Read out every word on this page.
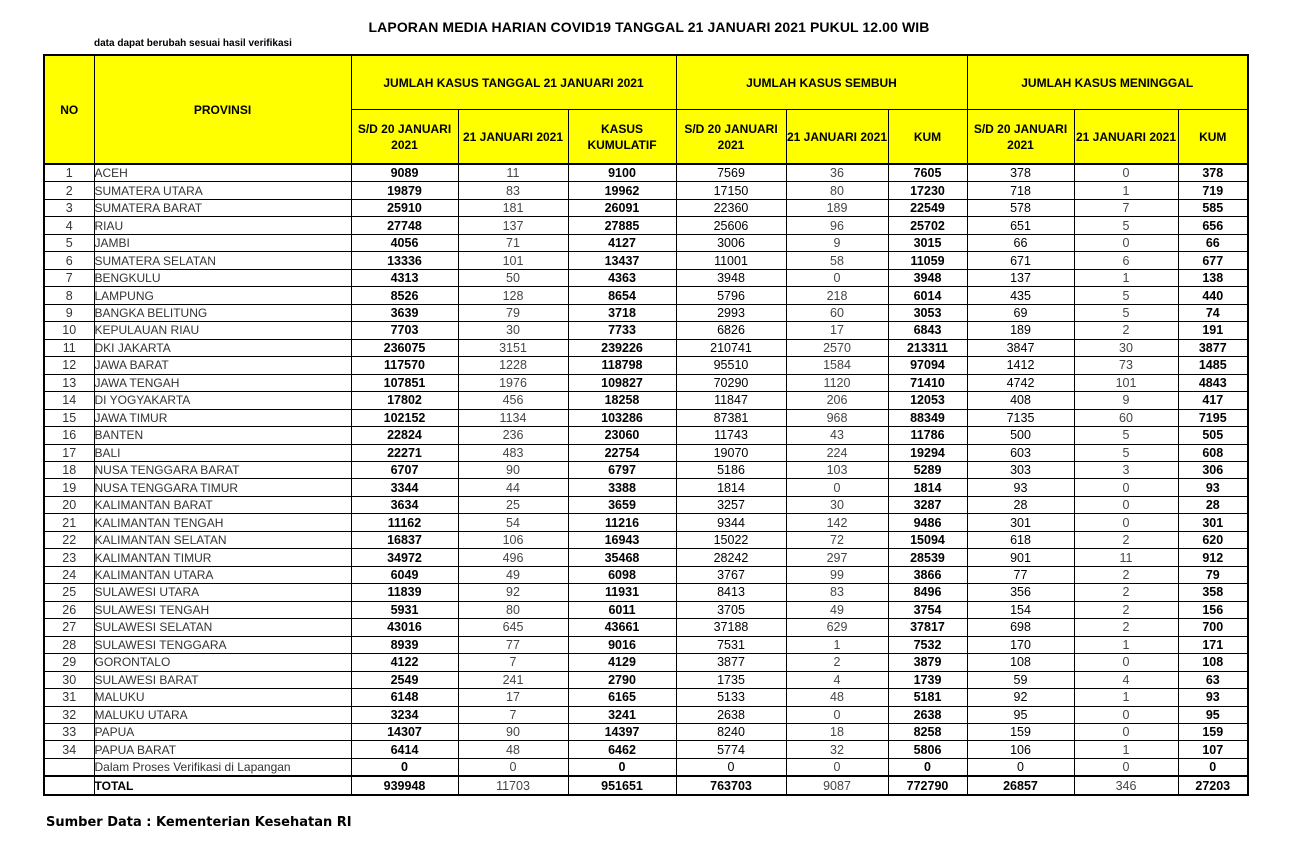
LAPORAN MEDIA HARIAN COVID19 TANGGAL 21 JANUARI 2021 PUKUL 12.00 WIB
data dapat berubah sesuai hasil verifikasi
NO	PROVINSI	JUMLAH KASUS TANGGAL 21 JANUARI 2021			JUMLAH KASUS SEMBUH			JUMLAH KASUS MENINGGAL		
		S/D 20 JANUARI 2021	21 JANUARI 2021	KASUS KUMULATIF	S/D 20 JANUARI 2021	21 JANUARI 2021	KUM	S/D 20 JANUARI 2021	21 JANUARI 2021	KUM
1	ACEH	9089	11	9100	7569	36	7605	378	0	378
2	SUMATERA UTARA	19879	83	19962	17150	80	17230	718	1	719
3	SUMATERA BARAT	25910	181	26091	22360	189	22549	578	7	585
4	RIAU	27748	137	27885	25606	96	25702	651	5	656
5	JAMBI	4056	71	4127	3006	9	3015	66	0	66
6	SUMATERA SELATAN	13336	101	13437	11001	58	11059	671	6	677
7	BENGKULU	4313	50	4363	3948	0	3948	137	1	138
8	LAMPUNG	8526	128	8654	5796	218	6014	435	5	440
9	BANGKA BELITUNG	3639	79	3718	2993	60	3053	69	5	74
10	KEPULAUAN RIAU	7703	30	7733	6826	17	6843	189	2	191
11	DKI JAKARTA	236075	3151	239226	210741	2570	213311	3847	30	3877
12	JAWA BARAT	117570	1228	118798	95510	1584	97094	1412	73	1485
13	JAWA TENGAH	107851	1976	109827	70290	1120	71410	4742	101	4843
14	DI YOGYAKARTA	17802	456	18258	11847	206	12053	408	9	417
15	JAWA TIMUR	102152	1134	103286	87381	968	88349	7135	60	7195
16	BANTEN	22824	236	23060	11743	43	11786	500	5	505
17	BALI	22271	483	22754	19070	224	19294	603	5	608
18	NUSA TENGGARA BARAT	6707	90	6797	5186	103	5289	303	3	306
19	NUSA TENGGARA TIMUR	3344	44	3388	1814	0	1814	93	0	93
20	KALIMANTAN BARAT	3634	25	3659	3257	30	3287	28	0	28
21	KALIMANTAN TENGAH	11162	54	11216	9344	142	9486	301	0	301
22	KALIMANTAN SELATAN	16837	106	16943	15022	72	15094	618	2	620
23	KALIMANTAN TIMUR	34972	496	35468	28242	297	28539	901	11	912
24	KALIMANTAN UTARA	6049	49	6098	3767	99	3866	77	2	79
25	SULAWESI UTARA	11839	92	11931	8413	83	8496	356	2	358
26	SULAWESI TENGAH	5931	80	6011	3705	49	3754	154	2	156
27	SULAWESI SELATAN	43016	645	43661	37188	629	37817	698	2	700
28	SULAWESI TENGGARA	8939	77	9016	7531	1	7532	170	1	171
29	GORONTALO	4122	7	4129	3877	2	3879	108	0	108
30	SULAWESI BARAT	2549	241	2790	1735	4	1739	59	4	63
31	MALUKU	6148	17	6165	5133	48	5181	92	1	93
32	MALUKU UTARA	3234	7	3241	2638	0	2638	95	0	95
33	PAPUA	14307	90	14397	8240	18	8258	159	0	159
34	PAPUA BARAT	6414	48	6462	5774	32	5806	106	1	107
	Dalam Proses Verifikasi di Lapangan	0	0	0	0	0	0	0	0	0
	TOTAL	939948	11703	951651	763703	9087	772790	26857	346	27203
Sumber Data : Kementerian Kesehatan RI
